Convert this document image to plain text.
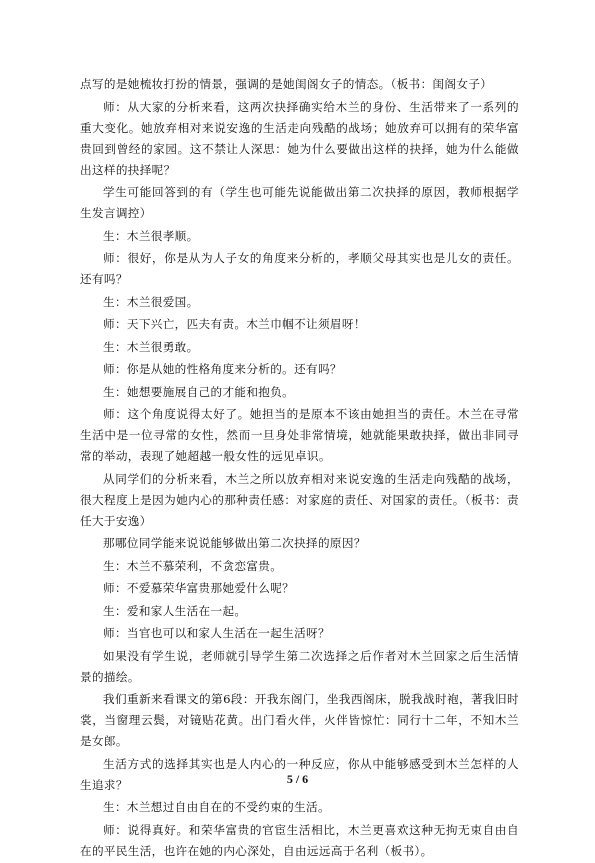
点写的是她梳妆打扮的情景，强调的是她闺阁女子的情态。（板书：闺阁女子）

师：从大家的分析来看，这两次抉择确实给木兰的身份、生活带来了一系列的重大变化。她放弃相对来说安逸的生活走向残酷的战场；她放弃可以拥有的荣华富贵回到曾经的家园。这不禁让人深思：她为什么要做出这样的抉择，她为什么能做出这样的抉择呢？

学生可能回答到的有（学生也可能先说能做出第二次抉择的原因，教师根据学生发言调控）

生：木兰很孝顺。

师：很好，你是从为人子女的角度来分析的，孝顺父母其实也是儿女的责任。还有吗？

生：木兰很爱国。

师：天下兴亡，匹夫有责。木兰巾帼不让须眉呀！

生：木兰很勇敢。

师：你是从她的性格角度来分析的。还有吗？

生：她想要施展自己的才能和抱负。

师：这个角度说得太好了。她担当的是原本不该由她担当的责任。木兰在寻常生活中是一位寻常的女性，然而一旦身处非常情境，她就能果敢抉择，做出非同寻常的举动，表现了她超越一般女性的远见卓识。

从同学们的分析来看，木兰之所以放弃相对来说安逸的生活走向残酷的战场，很大程度上是因为她内心的那种责任感：对家庭的责任、对国家的责任。（板书：责任大于安逸）

那哪位同学能来说说能够做出第二次抉择的原因？

生：木兰不慕荣利，不贪恋富贵。

师：不爱慕荣华富贵那她爱什么呢？

生：爱和家人生活在一起。

师：当官也可以和家人生活在一起生活呀？

如果没有学生说，老师就引导学生第二次选择之后作者对木兰回家之后生活情景的描绘。

我们重新来看课文的第6段：开我东阁门，坐我西阁床，脱我战时袍，著我旧时裳，当窗理云鬓，对镜贴花黄。出门看火伴，火伴皆惊忙：同行十二年，不知木兰是女郎。

生活方式的选择其实也是人内心的一种反应，你从中能够感受到木兰怎样的人生追求？

生：木兰想过自由自在的不受约束的生活。

师：说得真好。和荣华富贵的官宦生活相比，木兰更喜欢这种无拘无束自由自在的平民生活，也许在她的内心深处，自由远远高于名利（板书）。

5 / 6
